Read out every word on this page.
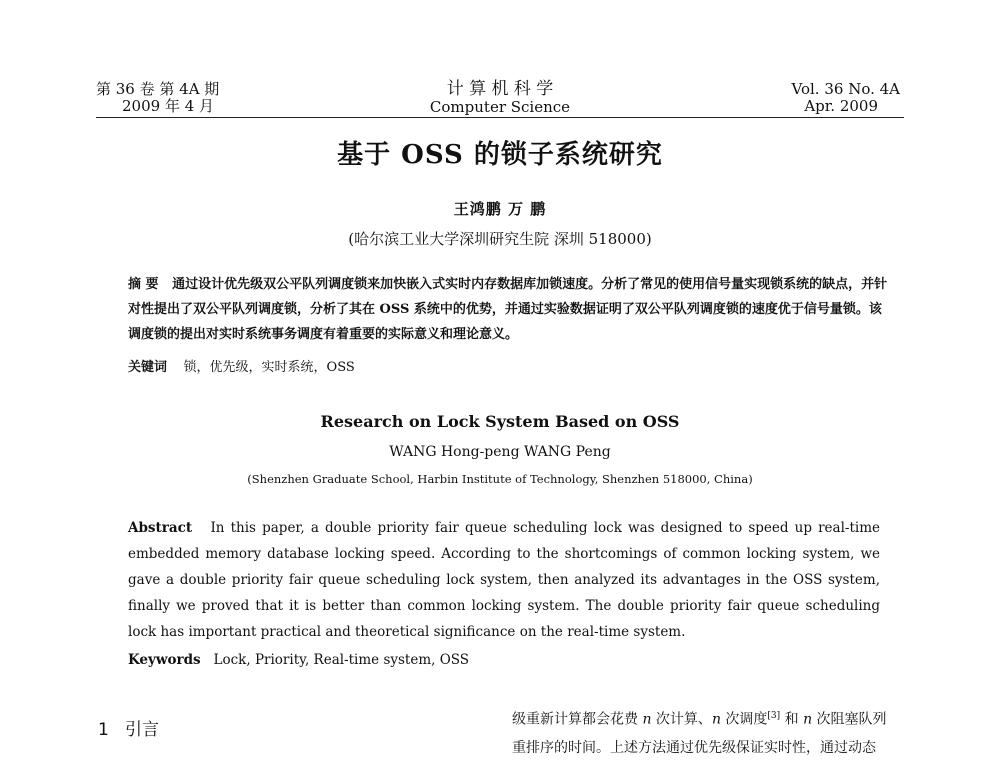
第 36 卷 第 4A 期
2009 年 4 月
计 算 机 科 学
Computer Science
Vol. 36 No. 4A
Apr. 2009
基于 OSS 的锁子系统研究
王鸿鹏 万 鹏
(哈尔滨工业大学深圳研究生院 深圳 518000)
摘 要 通过设计优先级双公平队列调度锁来加快嵌入式实时内存数据库加锁速度。分析了常见的使用信号量实现锁系统的缺点，并针对性提出了双公平队列调度锁，分析了其在 OSS 系统中的优势，并通过实验数据证明了双公平队列调度锁的速度优于信号量锁。该调度锁的提出对实时系统事务调度有着重要的实际意义和理论意义。
关键词 锁，优先级，实时系统，OSS
Research on Lock System Based on OSS
WANG Hong-peng WANG Peng
(Shenzhen Graduate School, Harbin Institute of Technology, Shenzhen 518000, China)
Abstract In this paper, a double priority fair queue scheduling lock was designed to speed up real-time embedded memory database locking speed. According to the shortcomings of common locking system, we gave a double priority fair queue scheduling lock system, then analyzed its advantages in the OSS system, finally we proved that it is better than common locking system. The double priority fair queue scheduling lock has important practical and theoretical significance on the real-time system.
Keywords Lock, Priority, Real-time system, OSS
1 引言
级重新计算都会花费 n 次计算、n 次调度[3] 和 n 次阻塞队列
重排序的时间。上述方法通过优先级保证实时性，通过动态
